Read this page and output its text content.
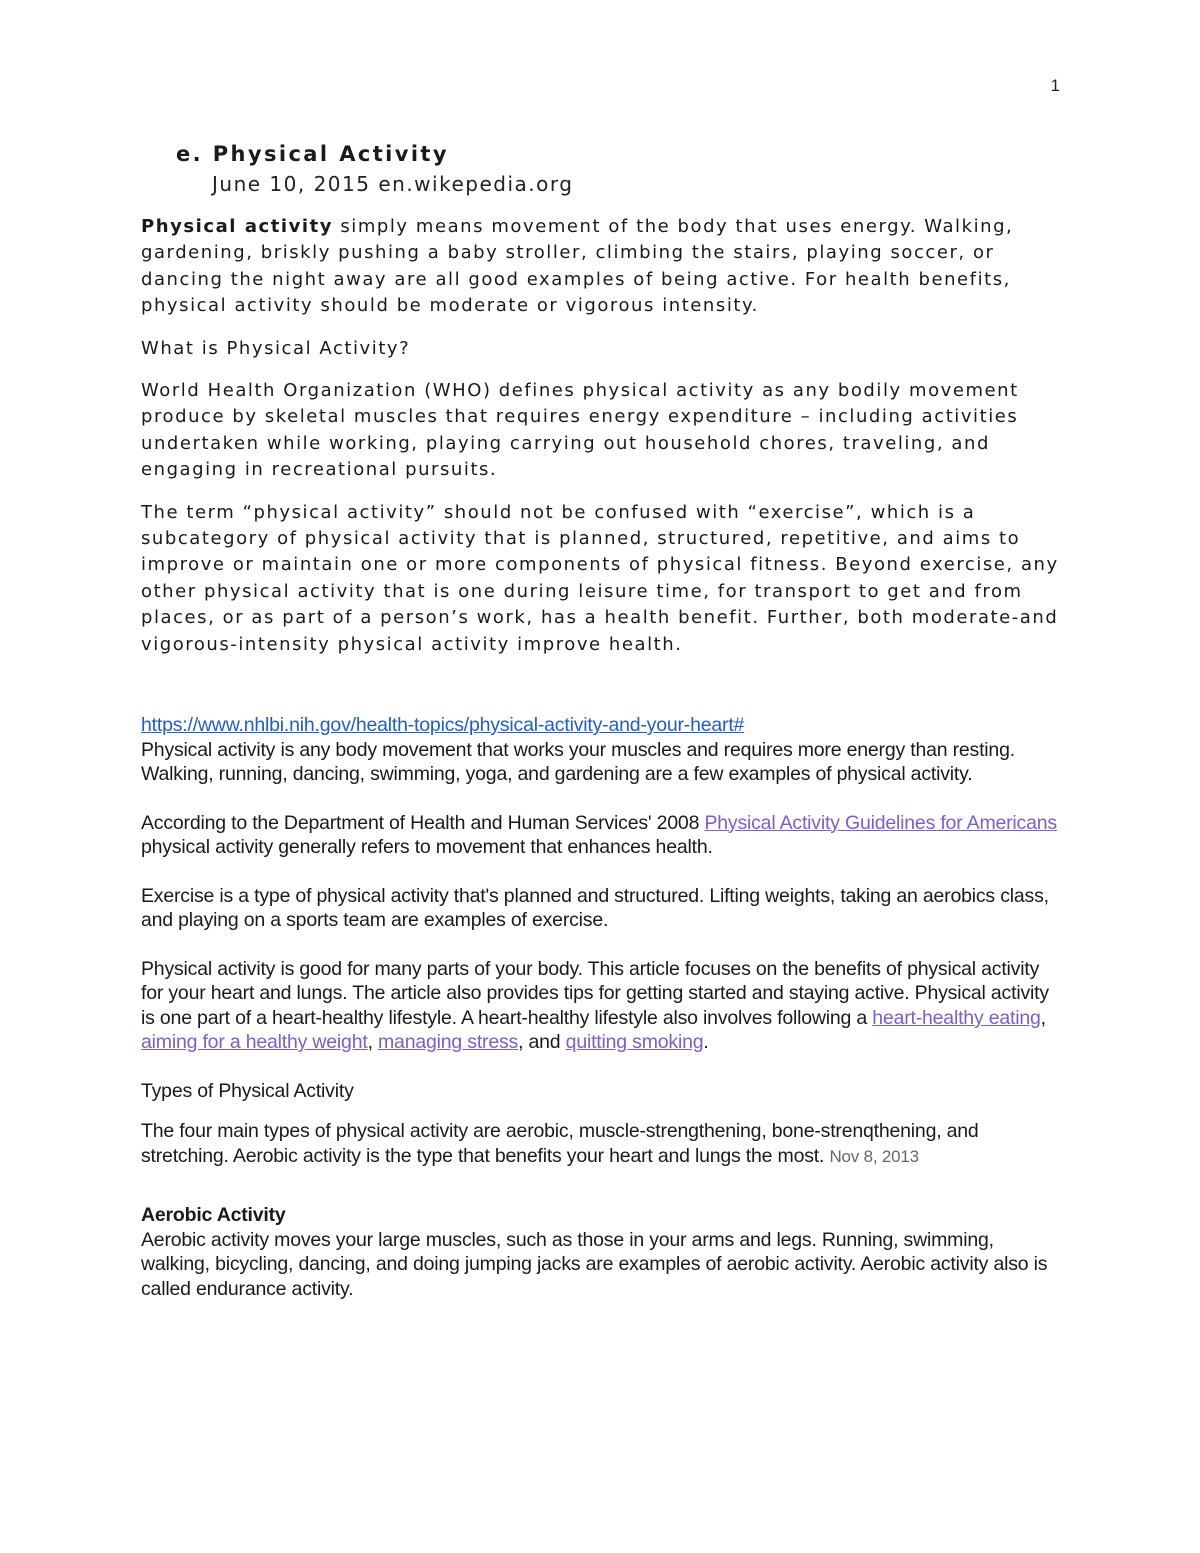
1
e. Physical Activity
June 10, 2015 en.wikepedia.org

Physical activity simply means movement of the body that uses energy. Walking, gardening, briskly pushing a baby stroller, climbing the stairs, playing soccer, or dancing the night away are all good examples of being active. For health benefits, physical activity should be moderate or vigorous intensity.

What is Physical Activity?

World Health Organization (WHO) defines physical activity as any bodily movement produce by skeletal muscles that requires energy expenditure – including activities undertaken while working, playing carrying out household chores, traveling, and engaging in recreational pursuits.

The term “physical activity” should not be confused with “exercise”, which is a subcategory of physical activity that is planned, structured, repetitive, and aims to improve or maintain one or more components of physical fitness. Beyond exercise, any other physical activity that is one during leisure time, for transport to get and from places, or as part of a person’s work, has a health benefit. Further, both moderate-and vigorous-intensity physical activity improve health.

https://www.nhlbi.nih.gov/health-topics/physical-activity-and-your-heart#
Physical activity is any body movement that works your muscles and requires more energy than resting. Walking, running, dancing, swimming, yoga, and gardening are a few examples of physical activity.
According to the Department of Health and Human Services' 2008 Physical Activity Guidelines for Americans physical activity generally refers to movement that enhances health.
Exercise is a type of physical activity that's planned and structured. Lifting weights, taking an aerobics class, and playing on a sports team are examples of exercise.
Physical activity is good for many parts of your body. This article focuses on the benefits of physical activity for your heart and lungs. The article also provides tips for getting started and staying active. Physical activity is one part of a heart-healthy lifestyle. A heart-healthy lifestyle also involves following a heart-healthy eating, aiming for a healthy weight, managing stress, and quitting smoking.
Types of Physical Activity
The four main types of physical activity are aerobic, muscle-strengthening, bone-strenqthening, and stretching. Aerobic activity is the type that benefits your heart and lungs the most. Nov 8, 2013
Aerobic Activity
Aerobic activity moves your large muscles, such as those in your arms and legs. Running, swimming, walking, bicycling, dancing, and doing jumping jacks are examples of aerobic activity. Aerobic activity also is called endurance activity.
